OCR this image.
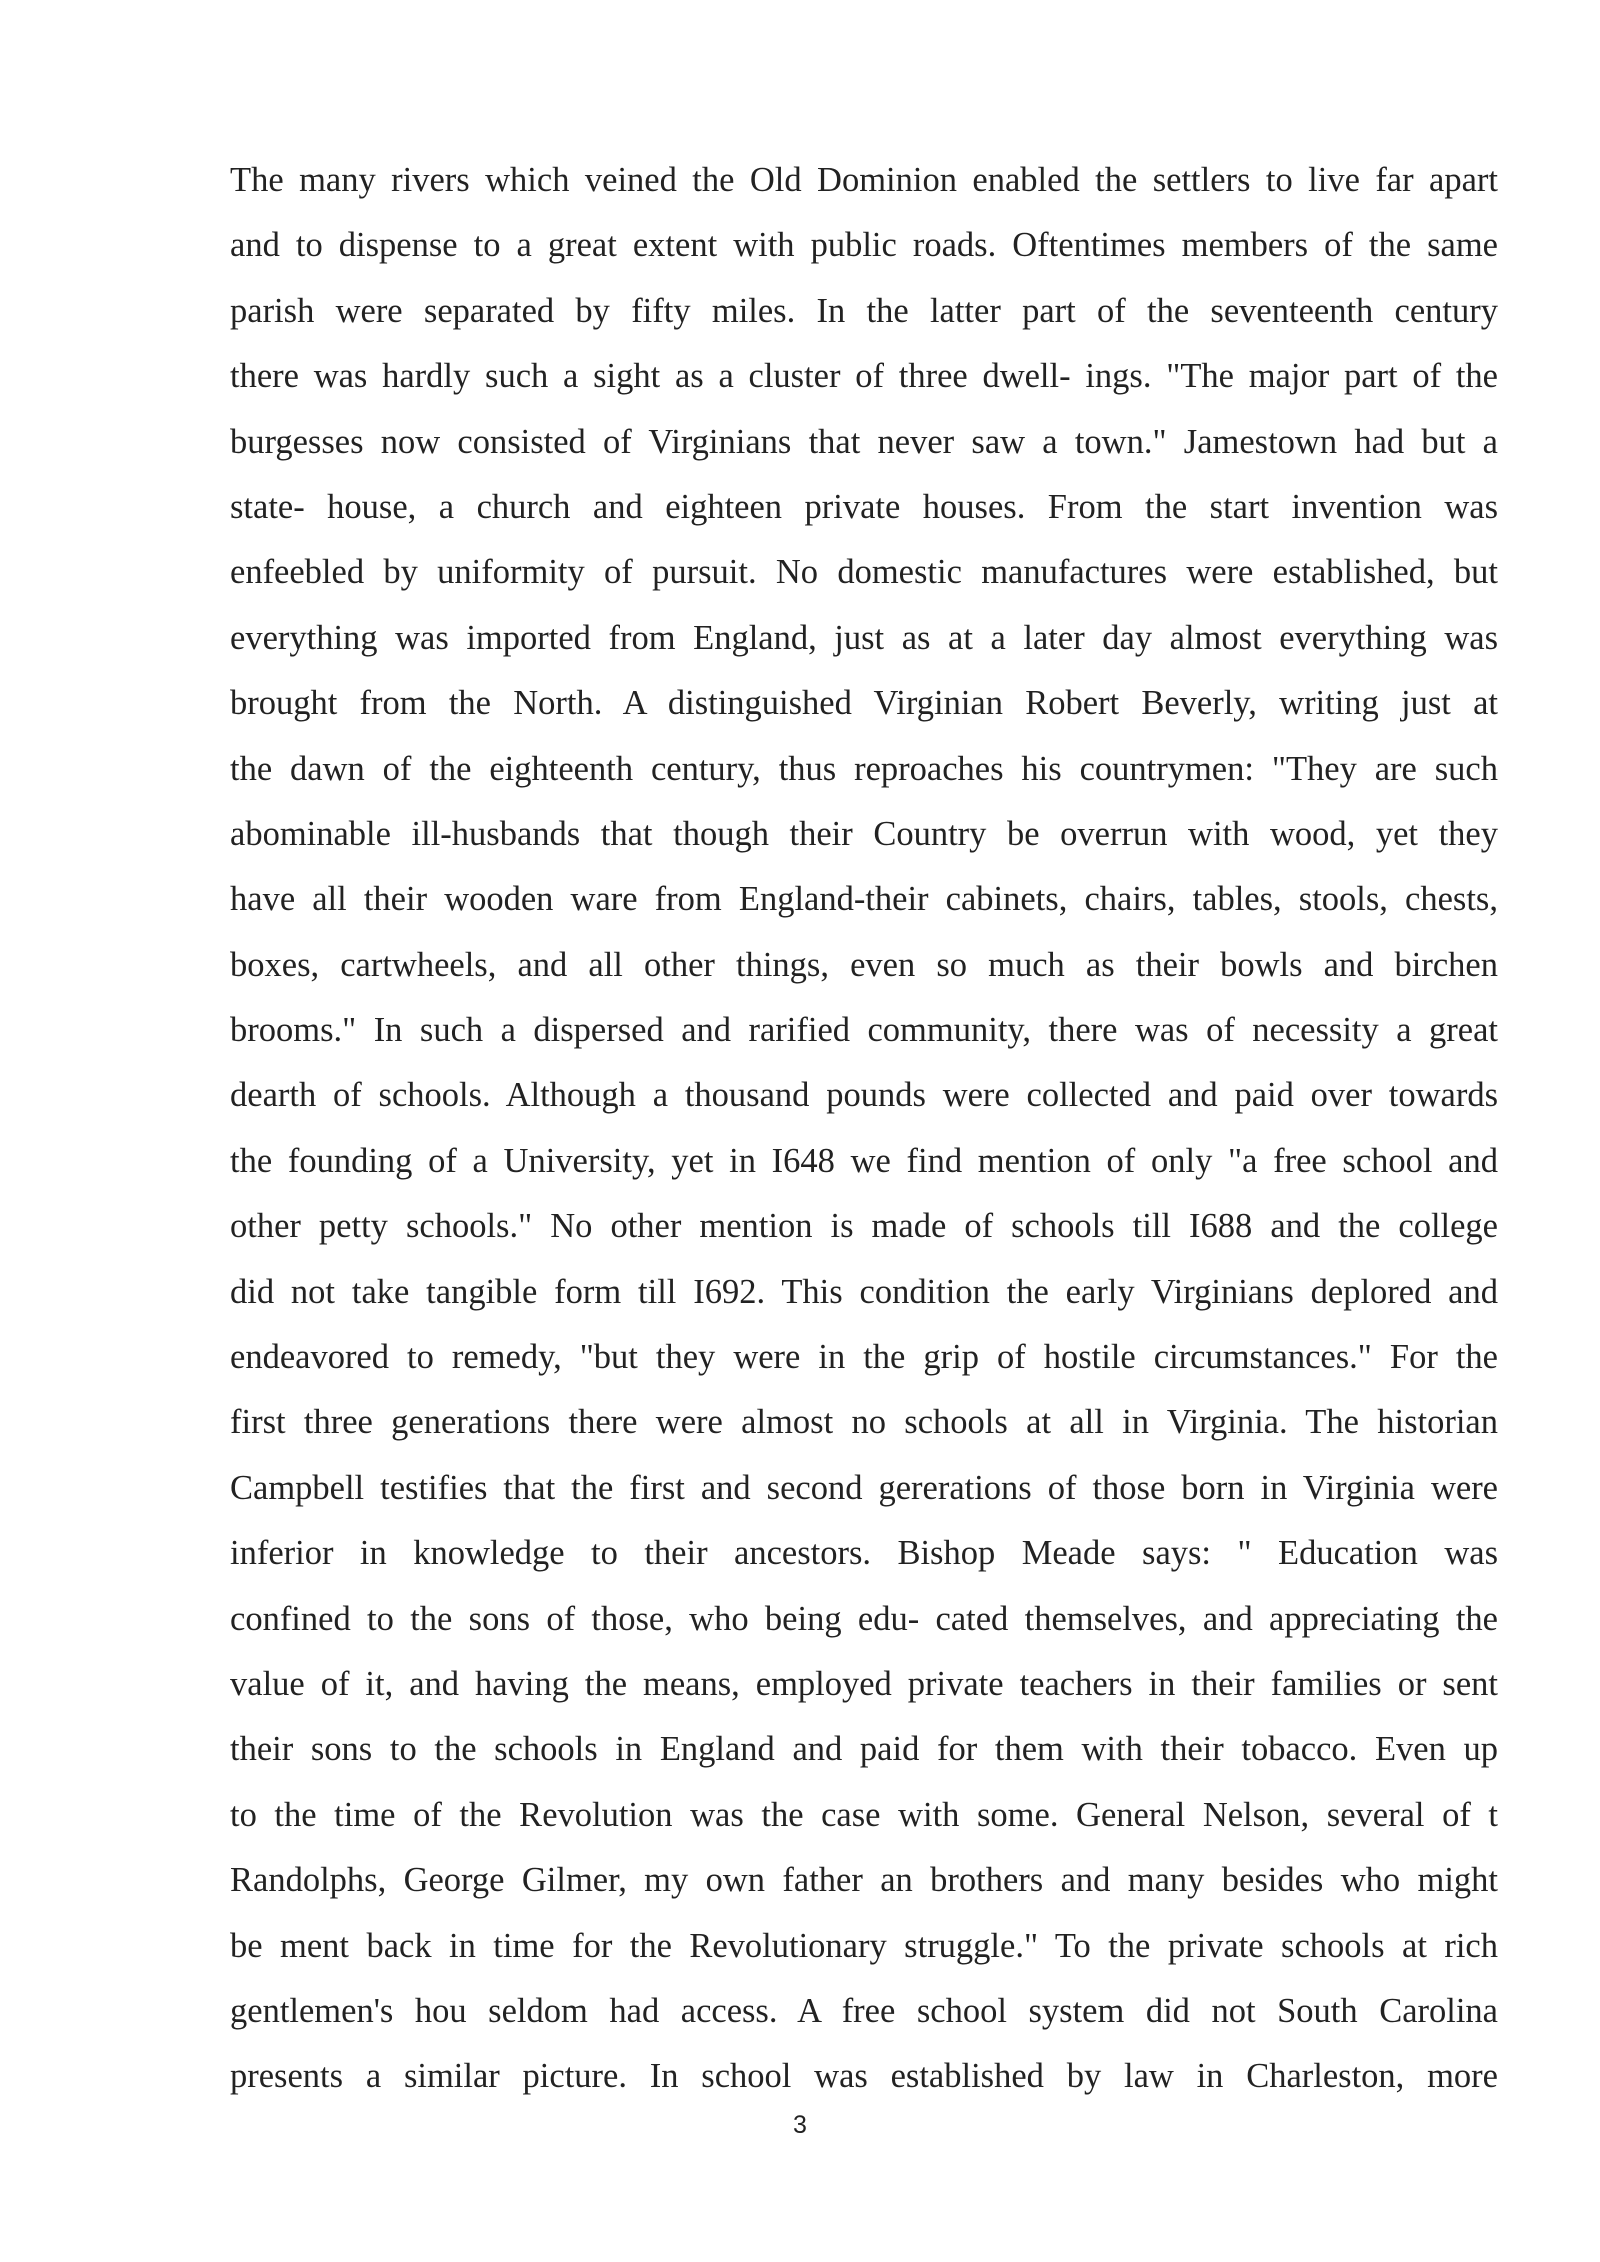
The many rivers which veined the Old Dominion enabled the settlers to live far apart
and to dispense to a great extent with public roads. Oftentimes members of the same
parish were separated by fifty miles. In the latter part of the seventeenth century
there was hardly such a sight as a cluster of three dwell- ings. "The major part of the
burgesses now consisted of Virginians that never saw a town." Jamestown had but a
state- house, a church and eighteen private houses. From the start invention was
enfeebled by uniformity of pursuit. No domestic manufactures were established, but
everything was imported from England, just as at a later day almost everything was
brought from the North. A distinguished Virginian Robert Beverly, writing just at
the dawn of the eighteenth century, thus reproaches his countrymen: "They are such
abominable ill-husbands that though their Country be overrun with wood, yet they
have all their wooden ware from England-their cabinets, chairs, tables, stools, chests,
boxes, cartwheels, and all other things, even so much as their bowls and birchen
brooms." In such a dispersed and rarified community, there was of necessity a great
dearth of schools. Although a thousand pounds were collected and paid over towards
the founding of a University, yet in I648 we find mention of only "a free school and
other petty schools." No other mention is made of schools till I688 and the college
did not take tangible form till I692. This condition the early Virginians deplored and
endeavored to remedy, "but they were in the grip of hostile circumstances." For the
first three generations there were almost no schools at all in Virginia. The historian
Campbell testifies that the first and second gererations of those born in Virginia were
inferior in knowledge to their ancestors. Bishop Meade says: " Education was
confined to the sons of those, who being edu- cated themselves, and appreciating the
value of it, and having the means, employed private teachers in their families or sent
their sons to the schools in England and paid for them with their tobacco. Even up
to the time of the Revolution was the case with some. General Nelson, several of t
Randolphs, George Gilmer, my own father an brothers and many besides who might
be ment back in time for the Revolutionary struggle." To the private schools at rich
gentlemen's hou seldom had access. A free school system did not South Carolina
presents a similar picture. In school was established by law in Charleston, more

3
